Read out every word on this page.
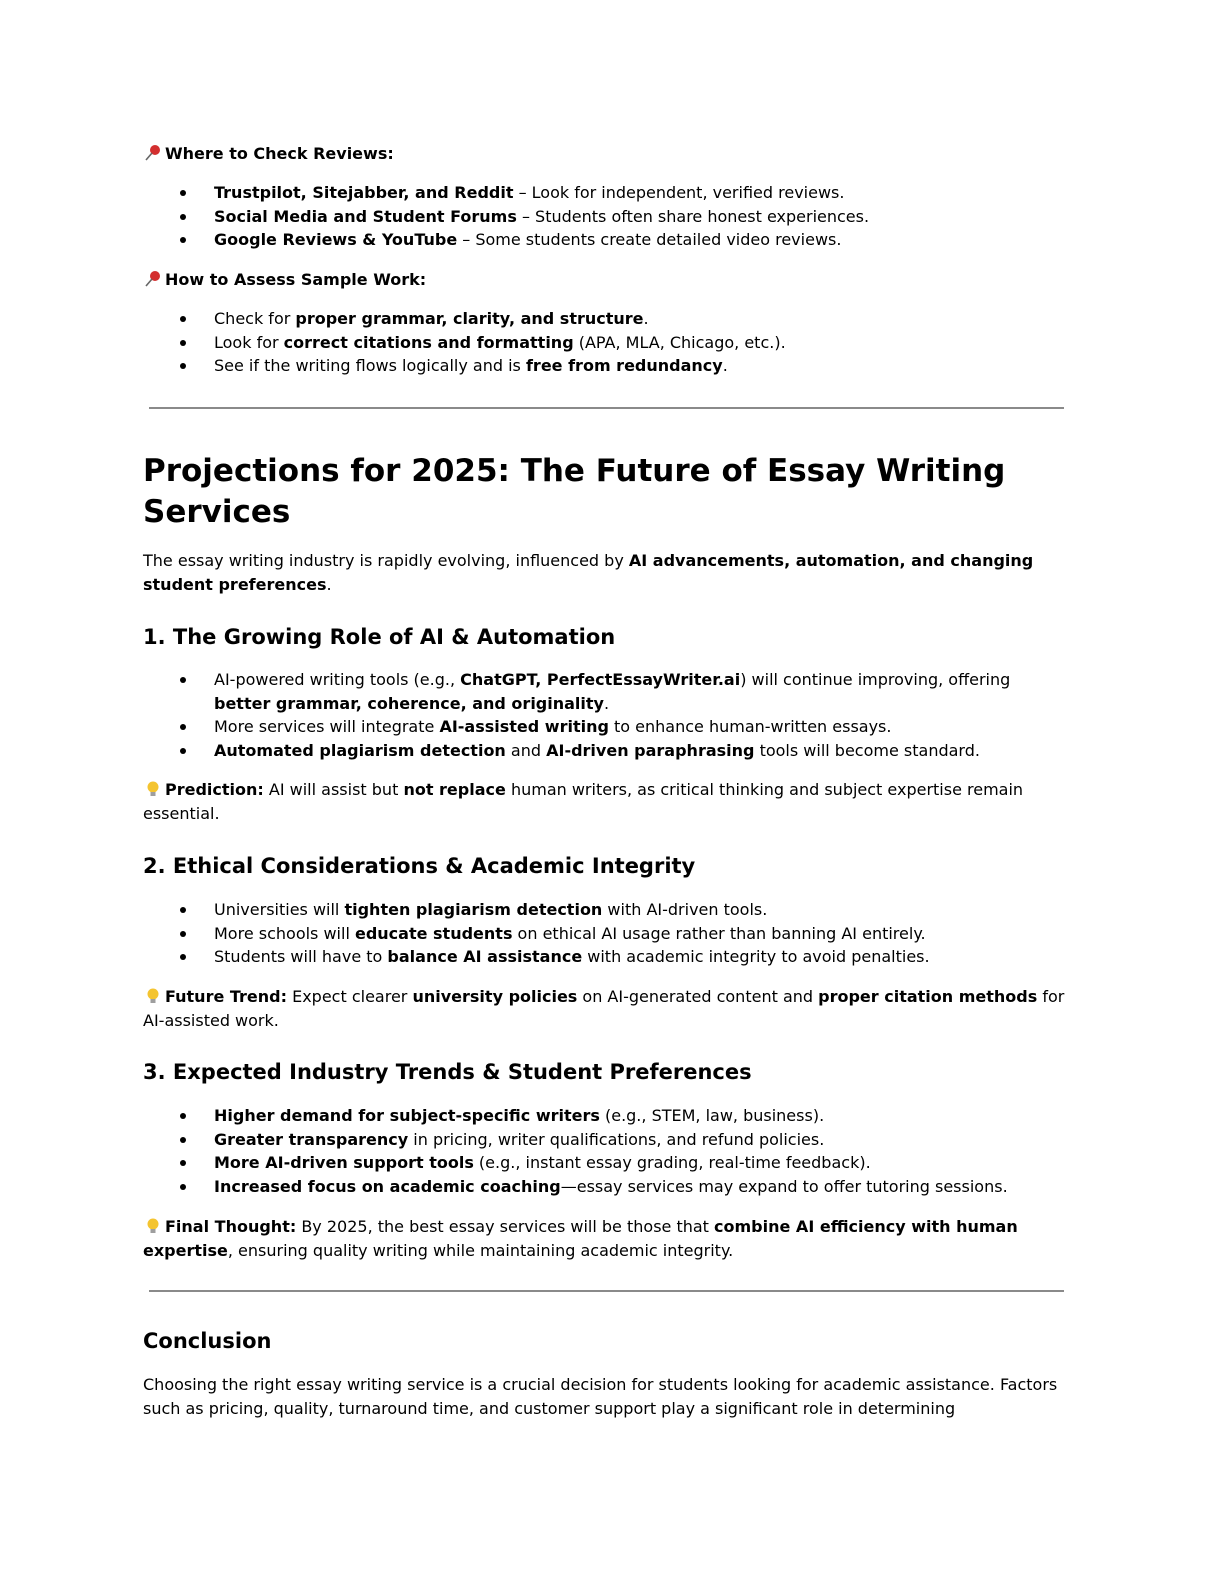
Where to Check Reviews:
Trustpilot, Sitejabber, and Reddit – Look for independent, verified reviews.
Social Media and Student Forums – Students often share honest experiences.
Google Reviews & YouTube – Some students create detailed video reviews.
How to Assess Sample Work:
Check for proper grammar, clarity, and structure.
Look for correct citations and formatting (APA, MLA, Chicago, etc.).
See if the writing flows logically and is free from redundancy.
Projections for 2025: The Future of Essay Writing Services

The essay writing industry is rapidly evolving, influenced by AI advancements, automation, and changing student preferences.

1. The Growing Role of AI & Automation
AI-powered writing tools (e.g., ChatGPT, PerfectEssayWriter.ai) will continue improving, offering better grammar, coherence, and originality.
More services will integrate AI-assisted writing to enhance human-written essays.
Automated plagiarism detection and AI-driven paraphrasing tools will become standard.

Prediction: AI will assist but not replace human writers, as critical thinking and subject expertise remain essential.

2. Ethical Considerations & Academic Integrity
Universities will tighten plagiarism detection with AI-driven tools.
More schools will educate students on ethical AI usage rather than banning AI entirely.
Students will have to balance AI assistance with academic integrity to avoid penalties.

Future Trend: Expect clearer university policies on AI-generated content and proper citation methods for AI-assisted work.

3. Expected Industry Trends & Student Preferences
Higher demand for subject-specific writers (e.g., STEM, law, business).
Greater transparency in pricing, writer qualifications, and refund policies.
More AI-driven support tools (e.g., instant essay grading, real-time feedback).
Increased focus on academic coaching—essay services may expand to offer tutoring sessions.

Final Thought: By 2025, the best essay services will be those that combine AI efficiency with human expertise, ensuring quality writing while maintaining academic integrity.

Conclusion

Choosing the right essay writing service is a crucial decision for students looking for academic assistance. Factors such as pricing, quality, turnaround time, and customer support play a significant role in determining
